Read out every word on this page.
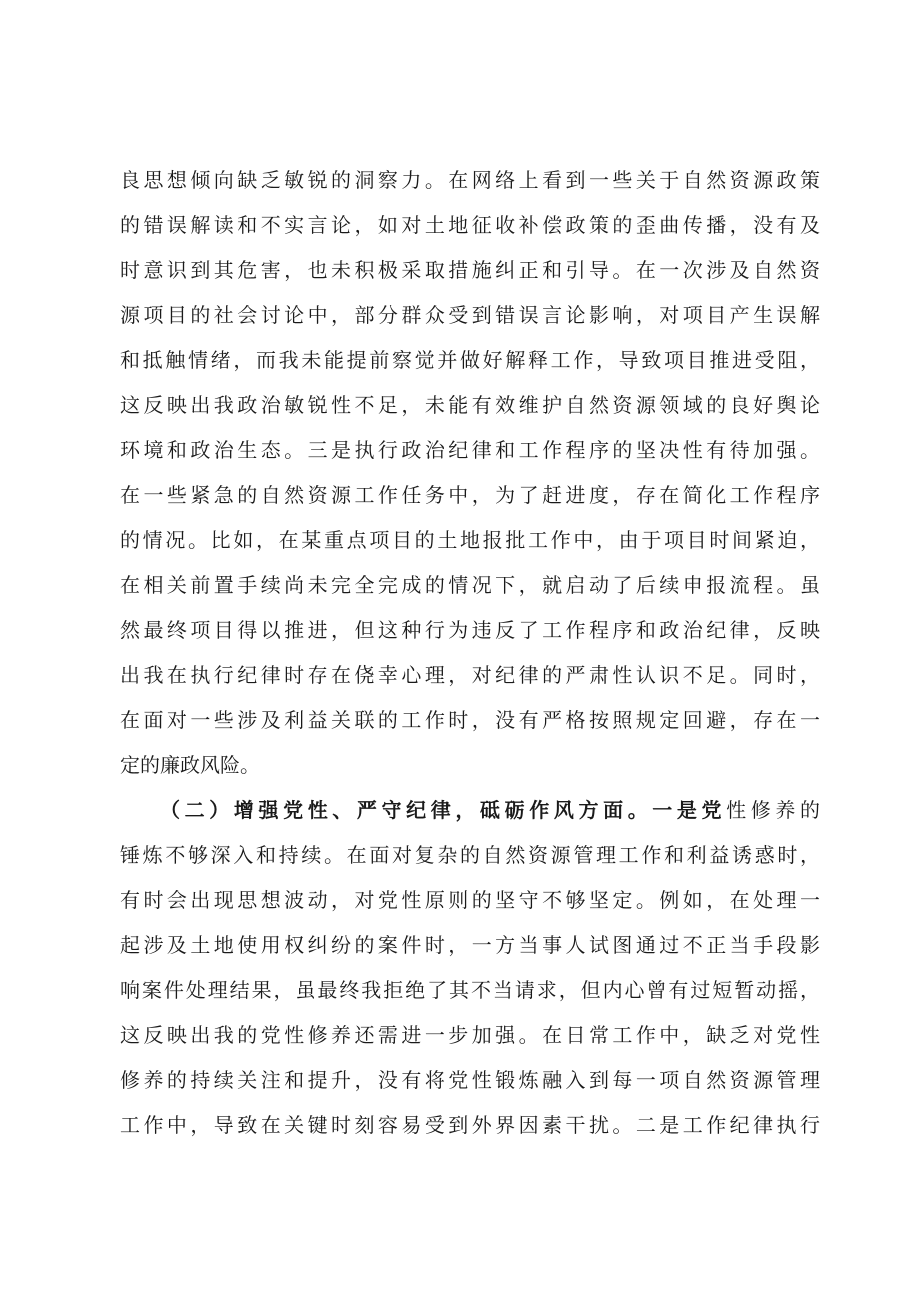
良思想倾向缺乏敏锐的洞察力。在网络上看到一些关于自然资源政策
的错误解读和不实言论，如对土地征收补偿政策的歪曲传播，没有及
时意识到其危害，也未积极采取措施纠正和引导。在一次涉及自然资
源项目的社会讨论中，部分群众受到错误言论影响，对项目产生误解
和抵触情绪，而我未能提前察觉并做好解释工作，导致项目推进受阻，
这反映出我政治敏锐性不足，未能有效维护自然资源领域的良好舆论
环境和政治生态。三是执行政治纪律和工作程序的坚决性有待加强。
在一些紧急的自然资源工作任务中，为了赶进度，存在简化工作程序
的情况。比如，在某重点项目的土地报批工作中，由于项目时间紧迫，
在相关前置手续尚未完全完成的情况下，就启动了后续申报流程。虽
然最终项目得以推进，但这种行为违反了工作程序和政治纪律，反映
出我在执行纪律时存在侥幸心理，对纪律的严肃性认识不足。同时，
在面对一些涉及利益关联的工作时，没有严格按照规定回避，存在一
定的廉政风险。
（二）增强党性、严守纪律，砥砺作风方面。一是党性修养的
锤炼不够深入和持续。在面对复杂的自然资源管理工作和利益诱惑时，
有时会出现思想波动，对党性原则的坚守不够坚定。例如，在处理一
起涉及土地使用权纠纷的案件时，一方当事人试图通过不正当手段影
响案件处理结果，虽最终我拒绝了其不当请求，但内心曾有过短暂动摇，
这反映出我的党性修养还需进一步加强。在日常工作中，缺乏对党性
修养的持续关注和提升，没有将党性锻炼融入到每一项自然资源管理
工作中，导致在关键时刻容易受到外界因素干扰。二是工作纪律执行
